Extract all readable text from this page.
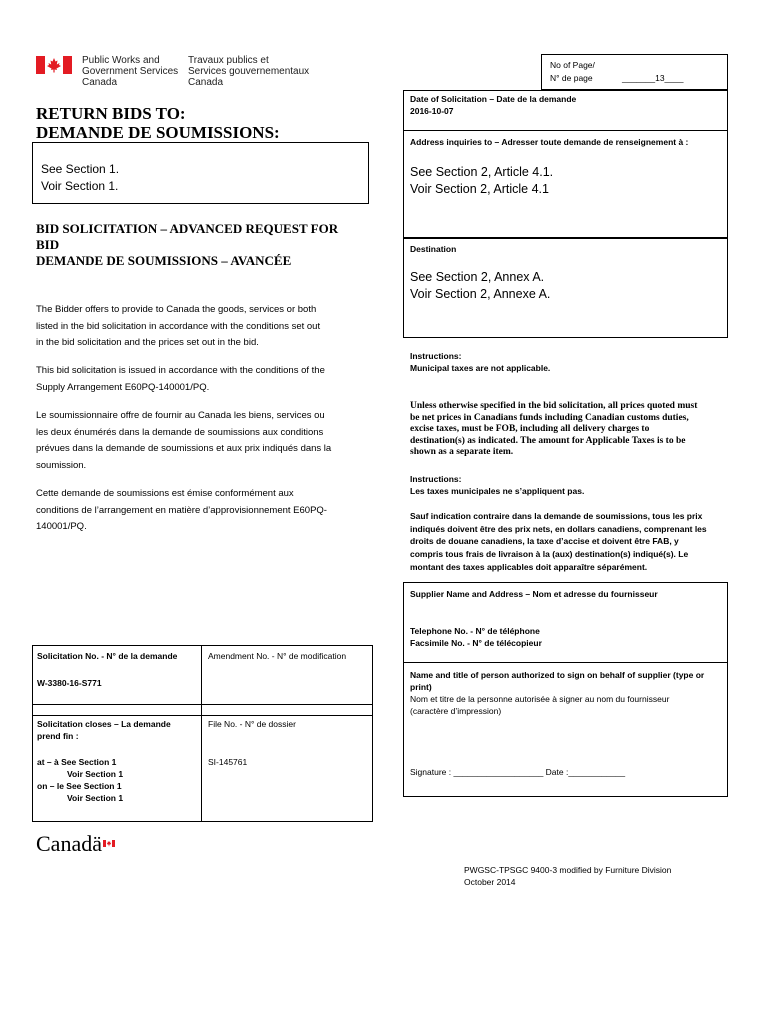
Public Works and
Government Services
Canada
Travaux publics et
Services gouvernementaux
Canada
No of Page/
N° de page	_______13____
RETURN BIDS TO:
DEMANDE DE SOUMISSIONS:
See Section 1.
Voir Section 1.
Date of Solicitation – Date de la demande
2016-10-07
Address inquiries to – Adresser toute demande de renseignement à :
See Section 2, Article 4.1.
Voir Section 2, Article 4.1
BID SOLICITATION – ADVANCED REQUEST FOR
BID
DEMANDE DE SOUMISSIONS – AVANCÉE
Destination
See Section 2, Annex A.
Voir Section 2, Annexe A.
The Bidder offers to provide to Canada the goods, services or both
listed in the bid solicitation in accordance with the conditions set out
in the bid solicitation and the prices set out in the bid.
This bid solicitation is issued in accordance with the conditions of the
Supply Arrangement E60PQ-140001/PQ.
Le soumissionnaire offre de fournir au Canada les biens, services ou
les deux énumérés dans la demande de soumissions aux conditions
prévues dans la demande de soumissions et aux prix indiqués dans la
soumission.
Cette demande de soumissions est émise conformément aux
conditions de l’arrangement en matière d’approvisionnement E60PQ-
140001/PQ.
Instructions:
Municipal taxes are not applicable.
Unless otherwise specified in the bid solicitation, all prices quoted must
be net prices in Canadians funds including Canadian customs duties,
excise taxes, must be FOB, including all delivery charges to
destination(s) as indicated. The amount for Applicable Taxes is to be
shown as a separate item.
Instructions:
Les taxes municipales ne s’appliquent pas.
Sauf indication contraire dans la demande de soumissions, tous les prix
indiqués doivent être des prix nets, en dollars canadiens, comprenant les
droits de douane canadiens, la taxe d’accise et doivent être FAB, y
compris tous frais de livraison à la (aux) destination(s) indiqué(s). Le
montant des taxes applicables doit apparaître séparément.
Supplier Name and Address – Nom et adresse du fournisseur
Telephone No. - N° de téléphone
Facsimile No. - N° de télécopieur
Name and title of person authorized to sign on behalf of supplier (type or
print)
Nom et titre de la personne autorisée à signer au nom du fournisseur
(caractère d’impression)
Signature : ___________________ Date :____________
Solicitation No. - N° de la demande
W-3380-16-S771
Amendment No. - N° de modification
Solicitation closes – La demande
prend fin :
File No. - N° de dossier
SI-145761
at – à See Section 1
Voir Section 1
on – le See Section 1
Voir Section 1
Canadä
PWGSC-TPSGC 9400-3 modified by Furniture Division
October 2014
